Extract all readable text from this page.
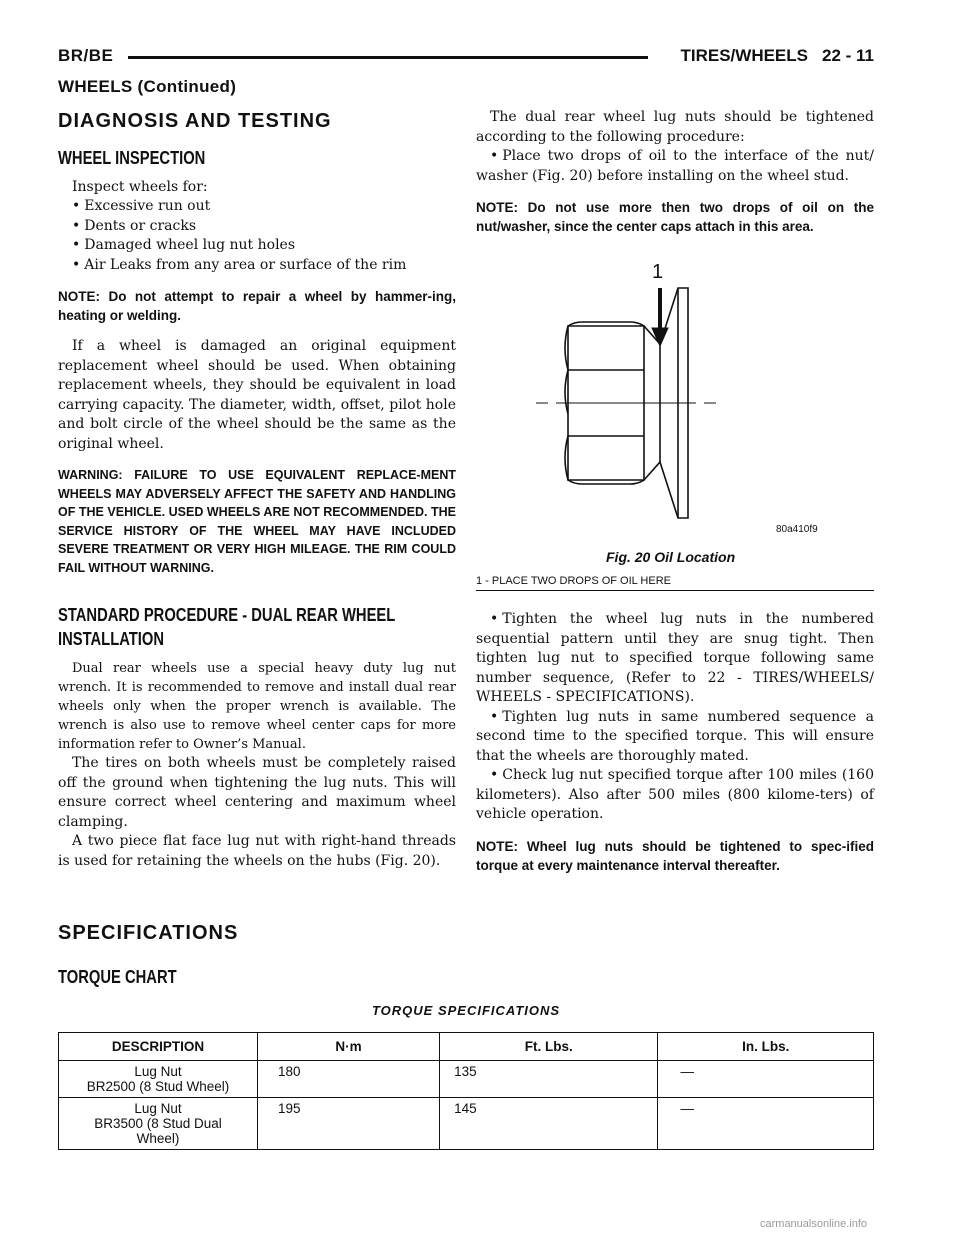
BR/BE	TIRES/WHEELS 22 - 11
WHEELS (Continued)
DIAGNOSIS AND TESTING
WHEEL INSPECTION

Inspect wheels for:

• Excessive run out
• Dents or cracks
• Damaged wheel lug nut holes
• Air Leaks from any area or surface of the rim

NOTE: Do not attempt to repair a wheel by hammer-ing, heating or welding.

If a wheel is damaged an original equipment replacement wheel should be used. When obtaining replacement wheels, they should be equivalent in load carrying capacity. The diameter, width, offset, pilot hole and bolt circle of the wheel should be the same as the original wheel.

WARNING: FAILURE TO USE EQUIVALENT REPLACE-MENT WHEELS MAY ADVERSELY AFFECT THE SAFETY AND HANDLING OF THE VEHICLE. USED WHEELS ARE NOT RECOMMENDED. THE SERVICE HISTORY OF THE WHEEL MAY HAVE INCLUDED SEVERE TREATMENT OR VERY HIGH MILEAGE. THE RIM COULD FAIL WITHOUT WARNING.

STANDARD PROCEDURE - DUAL REAR WHEEL INSTALLATION

Dual rear wheels use a special heavy duty lug nut wrench. It is recommended to remove and install dual rear wheels only when the proper wrench is available. The wrench is also use to remove wheel center caps for more information refer to Owner’s Manual.

The tires on both wheels must be completely raised off the ground when tightening the lug nuts. This will ensure correct wheel centering and maximum wheel clamping.

A two piece flat face lug nut with right-hand threads is used for retaining the wheels on the hubs (Fig. 20).

The dual rear wheel lug nuts should be tightened according to the following procedure:

• Place two drops of oil to the interface of the nut/ washer (Fig. 20) before installing on the wheel stud.

NOTE: Do not use more then two drops of oil on the nut/washer, since the center caps attach in this area.

1
80a410f9
Fig. 20 Oil Location
1 - PLACE TWO DROPS OF OIL HERE

• Tighten the wheel lug nuts in the numbered sequential pattern until they are snug tight. Then tighten lug nut to specified torque following same number sequence, (Refer to 22 - TIRES/WHEELS/ WHEELS - SPECIFICATIONS).

• Tighten lug nuts in same numbered sequence a second time to the specified torque. This will ensure that the wheels are thoroughly mated.

• Check lug nut specified torque after 100 miles (160 kilometers). Also after 500 miles (800 kilome-ters) of vehicle operation.

NOTE: Wheel lug nuts should be tightened to spec-ified torque at every maintenance interval thereafter.

SPECIFICATIONS
TORQUE CHART
TORQUE SPECIFICATIONS
DESCRIPTION	N·m	Ft. Lbs.	In. Lbs.

Lug Nut
BR2500 (8 Stud Wheel)	180	135	—

Lug Nut
BR3500 (8 Stud Dual
Wheel)	195	145	—
carmanualsonline.info
